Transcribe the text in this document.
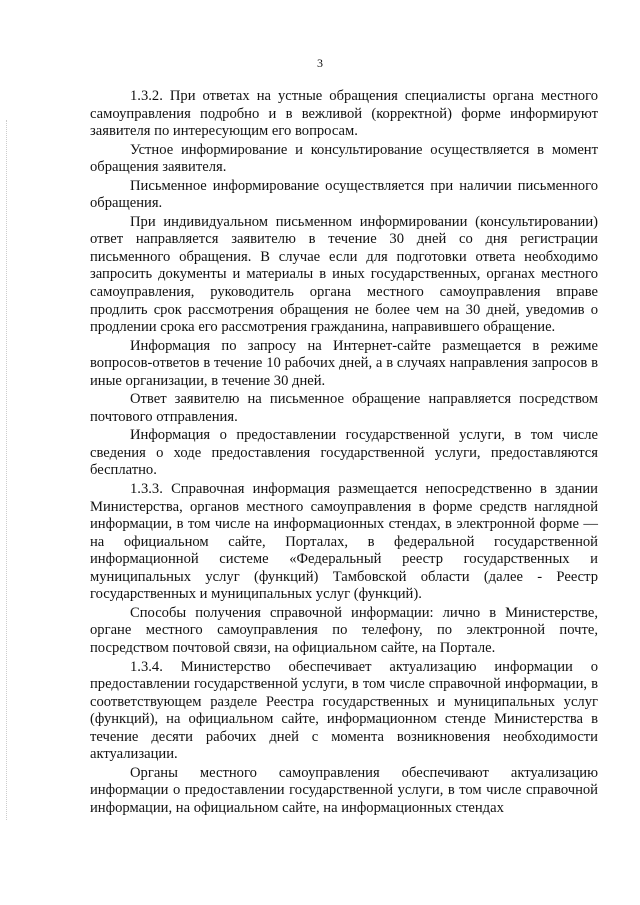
3

1.3.2. При ответах на устные обращения специалисты органа местного самоуправления подробно и в вежливой (корректной) форме информируют заявителя по интересующим его вопросам.

Устное информирование и консультирование осуществляется в момент обращения заявителя.

Письменное информирование осуществляется при наличии письменного обращения.

При индивидуальном письменном информировании (консультировании) ответ направляется заявителю в течение 30 дней со дня регистрации письменного обращения. В случае если для подготовки ответа необходимо запросить документы и материалы в иных государственных, органах местного самоуправления, руководитель органа местного самоуправления вправе продлить срок рассмотрения обращения не более чем на 30 дней, уведомив о продлении срока его рассмотрения гражданина, направившего обращение.

Информация по запросу на Интернет-сайте размещается в режиме вопросов-ответов в течение 10 рабочих дней, а в случаях направления запросов в иные организации, в течение 30 дней.

Ответ заявителю на письменное обращение направляется посредством почтового отправления.

Информация о предоставлении государственной услуги, в том числе сведения о ходе предоставления государственной услуги, предоставляются бесплатно.

1.3.3. Справочная информация размещается непосредственно в здании Министерства, органов местного самоуправления в форме средств наглядной информации, в том числе на информационных стендах, в электронной форме — на официальном сайте, Порталах, в федеральной государственной информационной системе «Федеральный реестр государственных и муниципальных услуг (функций) Тамбовской области (далее - Реестр государственных и муниципальных услуг (функций).

Способы получения справочной информации: лично в Министерстве, органе местного самоуправления по телефону, по электронной почте, посредством почтовой связи, на официальном сайте, на Портале.

1.3.4. Министерство обеспечивает актуализацию информации о предоставлении государственной услуги, в том числе справочной информации, в соответствующем разделе Реестра государственных и муниципальных услуг (функций), на официальном сайте, информационном стенде Министерства в течение десяти рабочих дней с момента возникновения необходимости актуализации.

Органы местного самоуправления обеспечивают актуализацию информации о предоставлении государственной услуги, в том числе справочной информации, на официальном сайте, на информационных стендах
